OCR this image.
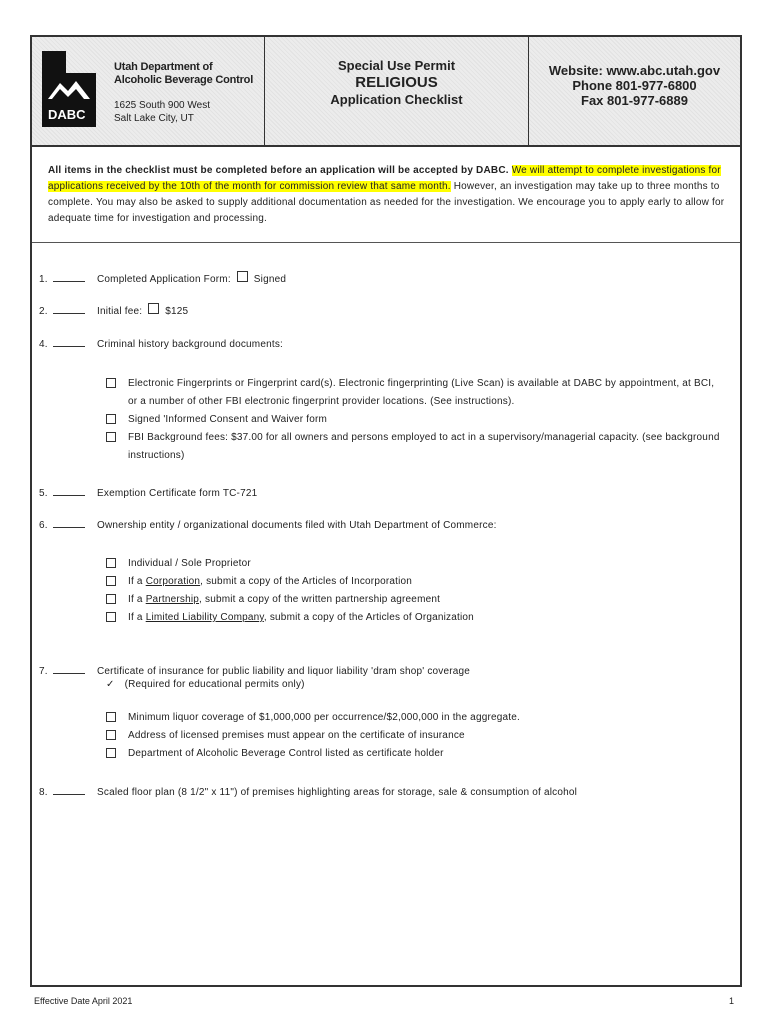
DABC
Utah Department of
Alcoholic Beverage Control
1625 South 900 West
Salt Lake City, UT
Special Use Permit
RELIGIOUS
Application Checklist
Website: www.abc.utah.gov
Phone 801-977-6800
Fax 801-977-6889
All items in the checklist must be completed before an application will be accepted by DABC. We will attempt to complete investigations for applications received by the 10th of the month for commission review that same month. However, an investigation may take up to three months to complete. You may also be asked to supply additional documentation as needed for the investigation. We encourage you to apply early to allow for adequate time for investigation and processing.
1.	Completed Application Form: Signed
2.	Initial fee: $125
4.	Criminal history background documents:
Electronic Fingerprints or Fingerprint card(s). Electronic fingerprinting (Live Scan) is available at DABC by appointment, at BCI, or a number of other FBI electronic fingerprint provider locations. (See instructions).
Signed 'Informed Consent and Waiver form
FBI Background fees: $37.00 for all owners and persons employed to act in a supervisory/managerial capacity. (see background instructions)
5.	Exemption Certificate form TC-721
6.	Ownership entity / organizational documents filed with Utah Department of Commerce:
Individual / Sole Proprietor
If a Corporation, submit a copy of the Articles of Incorporation
If a Partnership, submit a copy of the written partnership agreement
If a Limited Liability Company, submit a copy of the Articles of Organization
7.	Certificate of insurance for public liability and liquor liability 'dram shop' coverage
✓ (Required for educational permits only)
Minimum liquor coverage of $1,000,000 per occurrence/$2,000,000 in the aggregate.
Address of licensed premises must appear on the certificate of insurance
Department of Alcoholic Beverage Control listed as certificate holder
8.	Scaled floor plan (8 1/2" x 11") of premises highlighting areas for storage, sale & consumption of alcohol
Effective Date April 2021	1
